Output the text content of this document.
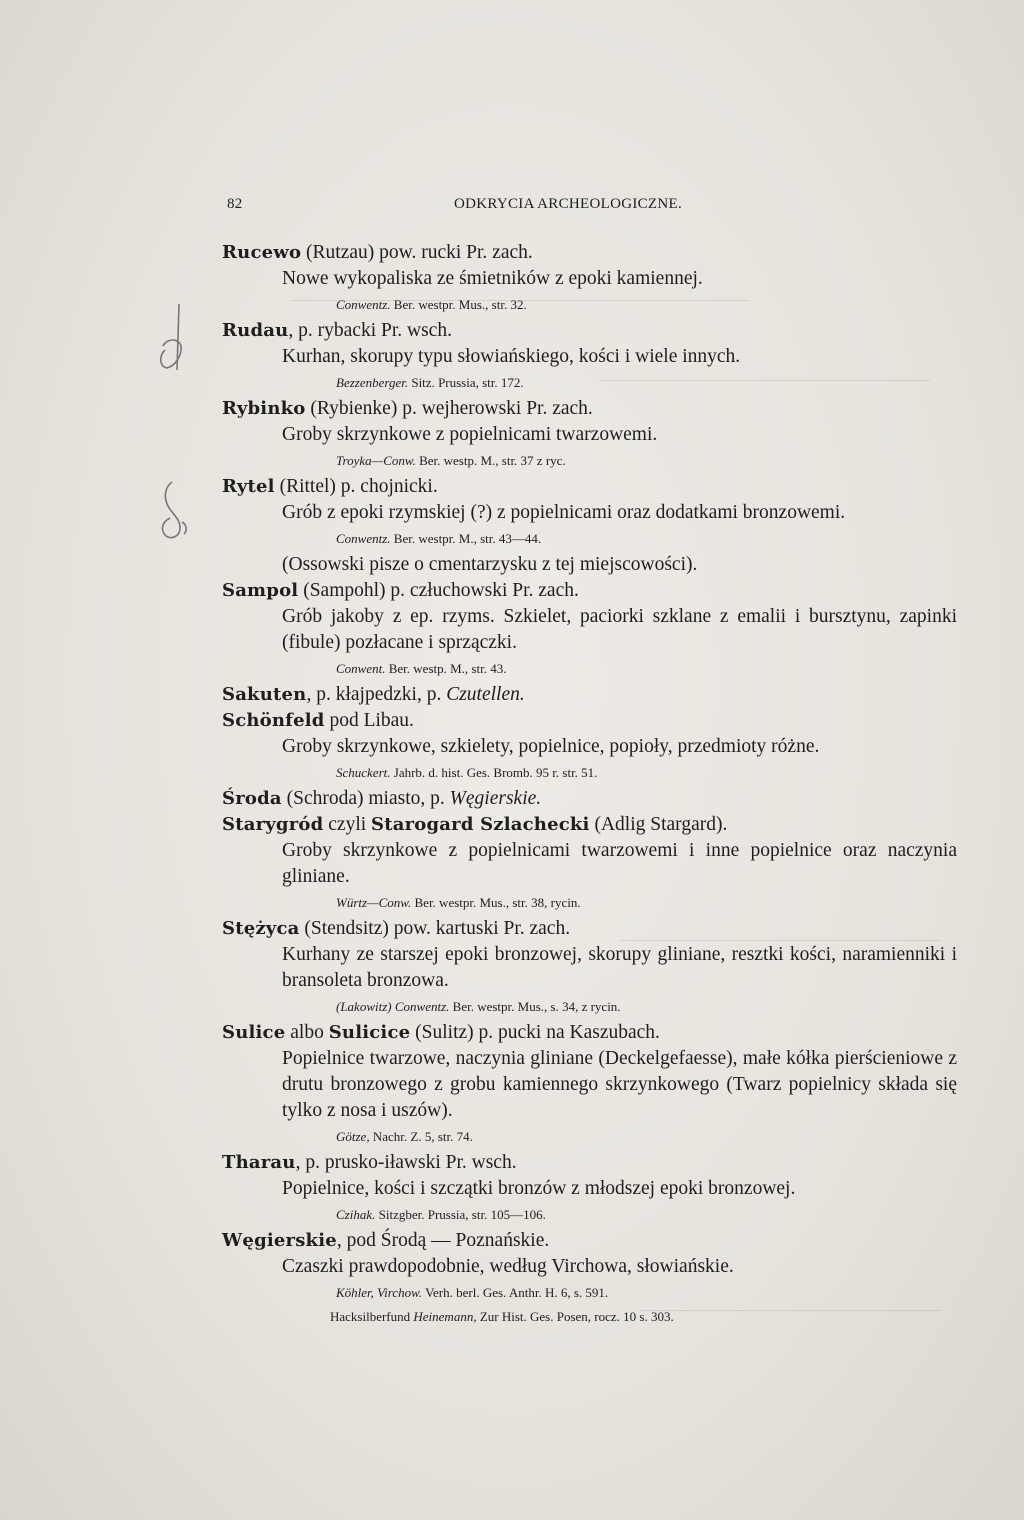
82	ODKRYCIA ARCHEOLOGICZNE.
Rucewo (Rutzau) pow. rucki Pr. zach.
Nowe wykopaliska ze śmietników z epoki kamiennej.
Conwentz. Ber. westpr. Mus., str. 32.
Rudau, p. rybacki Pr. wsch.
Kurhan, skorupy typu słowiańskiego, kości i wiele innych.
Bezzenberger. Sitz. Prussia, str. 172.
Rybinko (Rybienke) p. wejherowski Pr. zach.
Groby skrzynkowe z popielnicami twarzowemi.
Troyka—Conw. Ber. westp. M., str. 37 z ryc.
Rytel (Rittel) p. chojnicki.
Grób z epoki rzymskiej (?) z popielnicami oraz dodatkami bronzowemi.
Conwentz. Ber. westpr. M., str. 43—44.
(Ossowski pisze o cmentarzysku z tej miejscowości).
Sampol (Sampohl) p. człuchowski Pr. zach.
Grób jakoby z ep. rzyms. Szkielet, paciorki szklane z emalii i bursztynu, zapinki (fibule) pozłacane i sprzączki.
Conwent. Ber. westp. M., str. 43.
Sakuten, p. kłajpedzki, p. Czutellen.
Schönfeld pod Libau.
Groby skrzynkowe, szkielety, popielnice, popioły, przedmioty różne.
Schuckert. Jahrb. d. hist. Ges. Bromb. 95 r. str. 51.
Środa (Schroda) miasto, p. Węgierskie.
Starygród czyli Starogard Szlachecki (Adlig Stargard).
Groby skrzynkowe z popielnicami twarzowemi i inne popielnice oraz naczynia gliniane.
Würtz—Conw. Ber. westpr. Mus., str. 38, rycin.
Stężyca (Stendsitz) pow. kartuski Pr. zach.
Kurhany ze starszej epoki bronzowej, skorupy gliniane, resztki kości, naramienniki i bransoleta bronzowa.
(Lakowitz) Conwentz. Ber. westpr. Mus., s. 34, z rycin.
Sulice albo Sulicice (Sulitz) p. pucki na Kaszubach.
Popielnice twarzowe, naczynia gliniane (Deckelgefaesse), małe kółka pierścieniowe z drutu bronzowego z grobu kamiennego skrzynkowego (Twarz popielnicy składa się tylko z nosa i uszów).
Götze, Nachr. Z. 5, str. 74.
Tharau, p. prusko-iławski Pr. wsch.
Popielnice, kości i szczątki bronzów z młodszej epoki bronzowej.
Czihak. Sitzgber. Prussia, str. 105—106.
Węgierskie, pod Środą — Poznańskie.
Czaszki prawdopodobnie, według Virchowa, słowiańskie.
Köhler, Virchow. Verh. berl. Ges. Anthr. H. 6, s. 591.
Hacksilberfund Heinemann, Zur Hist. Ges. Posen, rocz. 10 s. 303.
